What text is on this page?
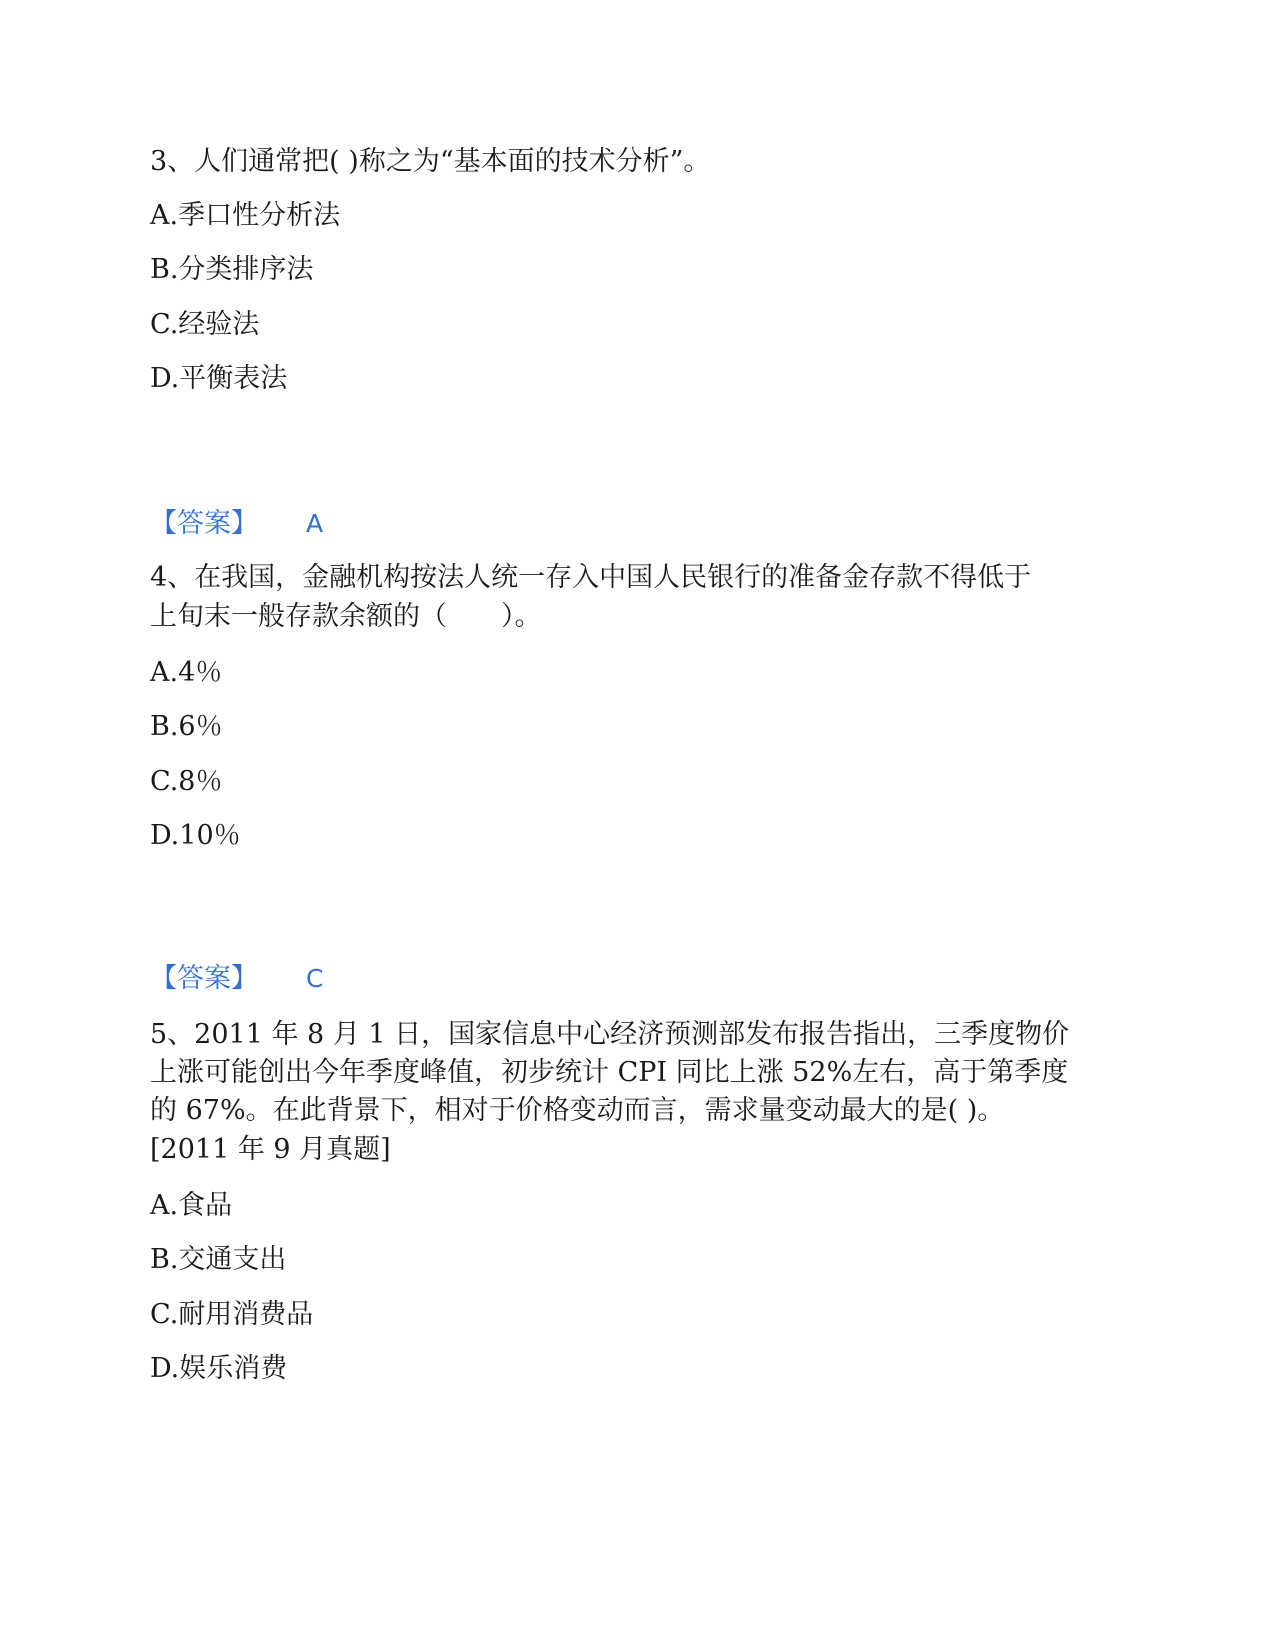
3、人们通常把( )称之为“基本面的技术分析”。

A.季口性分析法

B.分类排序法

C.经验法

D.平衡表法

【答案】 A

4、在我国，金融机构按法人统一存入中国人民银行的准备金存款不得低于

上旬末一般存款余额的（　　）。

A.4％

B.6％

C.8％

D.10％

【答案】 C

5、2011 年 8 月 1 日，国家信息中心经济预测部发布报告指出，三季度物价

上涨可能创出今年季度峰值，初步统计 CPI 同比上涨 52%左右，高于第季度

的 67%。在此背景下，相对于价格变动而言，需求量变动最大的是( )。

[2011 年 9 月真题]

A.食品

B.交通支出

C.耐用消费品

D.娱乐消费
